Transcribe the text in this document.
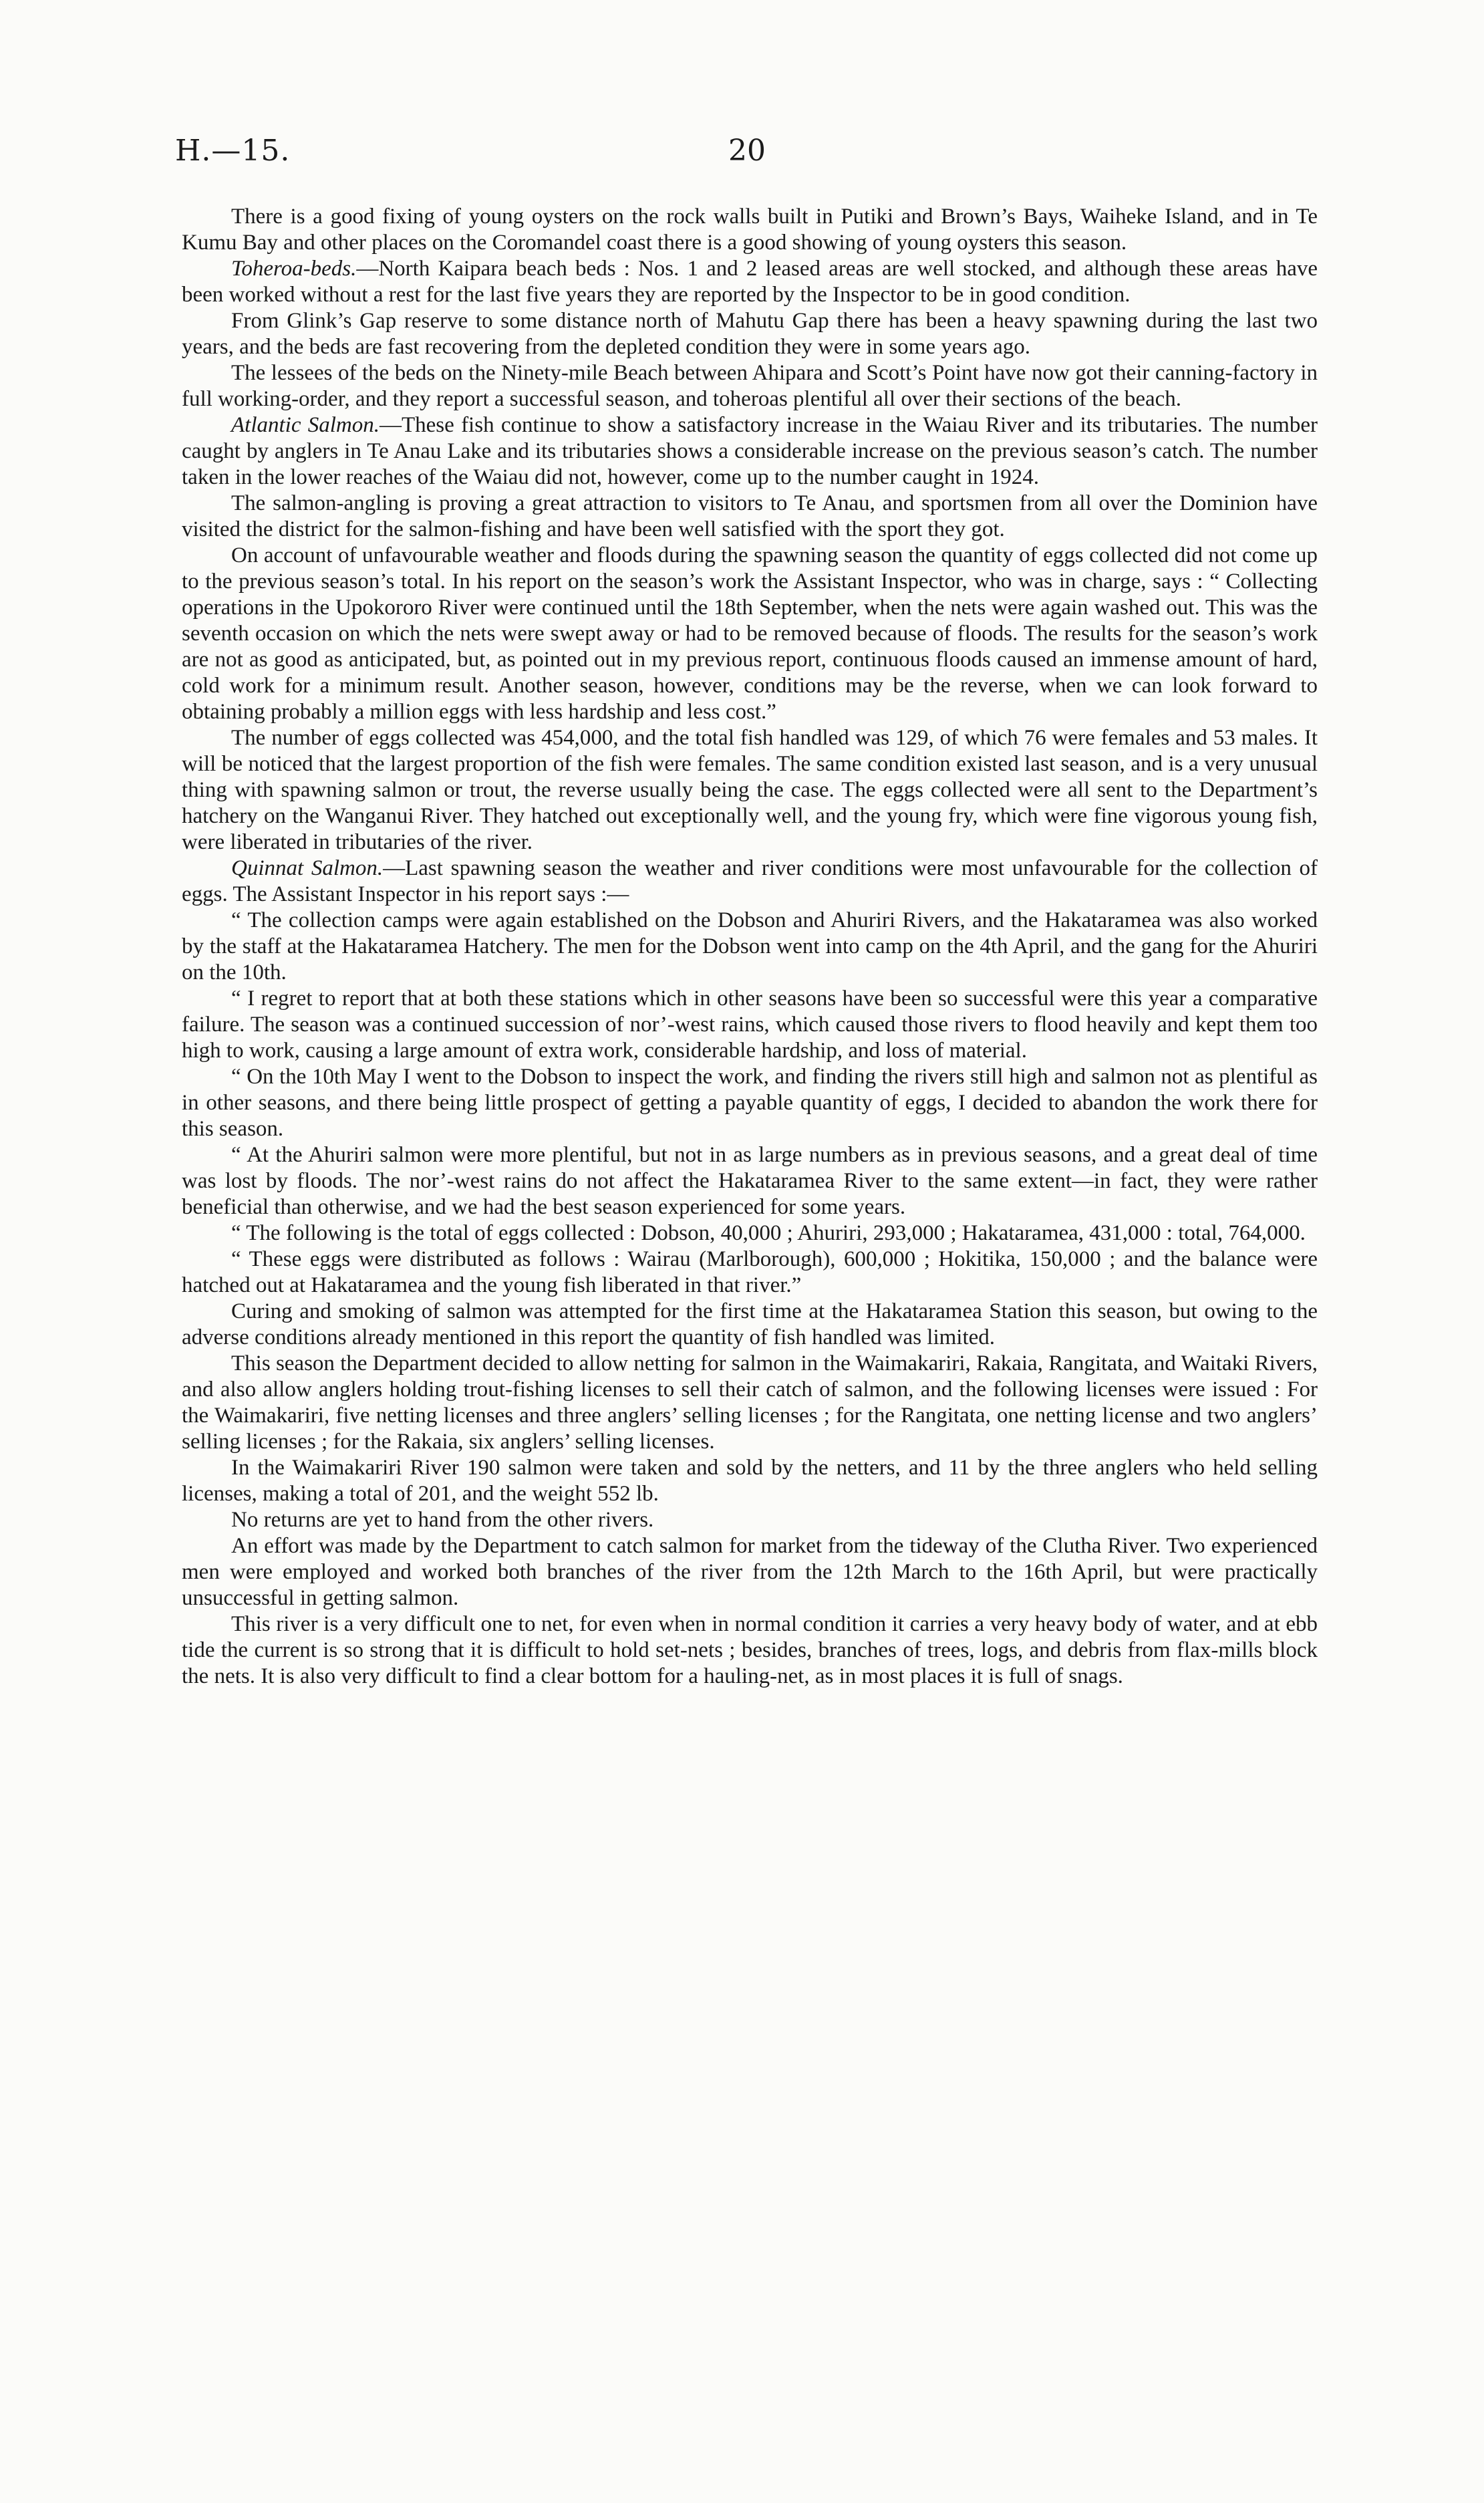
H.—15.	20

There is a good fixing of young oysters on the rock walls built in Putiki and Brown’s Bays, Waiheke Island, and in Te Kumu Bay and other places on the Coromandel coast there is a good showing of young oysters this season.

Toheroa-beds.—North Kaipara beach beds : Nos. 1 and 2 leased areas are well stocked, and although these areas have been worked without a rest for the last five years they are reported by the Inspector to be in good condition.

From Glink’s Gap reserve to some distance north of Mahutu Gap there has been a heavy spawning during the last two years, and the beds are fast recovering from the depleted condition they were in some years ago.

The lessees of the beds on the Ninety-mile Beach between Ahipara and Scott’s Point have now got their canning-factory in full working-order, and they report a successful season, and toheroas plentiful all over their sections of the beach.

Atlantic Salmon.—These fish continue to show a satisfactory increase in the Waiau River and its tributaries. The number caught by anglers in Te Anau Lake and its tributaries shows a considerable increase on the previous season’s catch. The number taken in the lower reaches of the Waiau did not, however, come up to the number caught in 1924.

The salmon-angling is proving a great attraction to visitors to Te Anau, and sportsmen from all over the Dominion have visited the district for the salmon-fishing and have been well satisfied with the sport they got.

On account of unfavourable weather and floods during the spawning season the quantity of eggs collected did not come up to the previous season’s total. In his report on the season’s work the Assistant Inspector, who was in charge, says : “ Collecting operations in the Upokororo River were continued until the 18th September, when the nets were again washed out. This was the seventh occasion on which the nets were swept away or had to be removed because of floods. The results for the season’s work are not as good as anticipated, but, as pointed out in my previous report, continuous floods caused an immense amount of hard, cold work for a minimum result. Another season, however, conditions may be the reverse, when we can look forward to obtaining probably a million eggs with less hardship and less cost.”

The number of eggs collected was 454,000, and the total fish handled was 129, of which 76 were females and 53 males. It will be noticed that the largest proportion of the fish were females. The same condition existed last season, and is a very unusual thing with spawning salmon or trout, the reverse usually being the case. The eggs collected were all sent to the Department’s hatchery on the Wanganui River. They hatched out exceptionally well, and the young fry, which were fine vigorous young fish, were liberated in tributaries of the river.

Quinnat Salmon.—Last spawning season the weather and river conditions were most unfavourable for the collection of eggs. The Assistant Inspector in his report says :—

“ The collection camps were again established on the Dobson and Ahuriri Rivers, and the Hakataramea was also worked by the staff at the Hakataramea Hatchery. The men for the Dobson went into camp on the 4th April, and the gang for the Ahuriri on the 10th.

“ I regret to report that at both these stations which in other seasons have been so successful were this year a comparative failure. The season was a continued succession of nor’-west rains, which caused those rivers to flood heavily and kept them too high to work, causing a large amount of extra work, considerable hardship, and loss of material.

“ On the 10th May I went to the Dobson to inspect the work, and finding the rivers still high and salmon not as plentiful as in other seasons, and there being little prospect of getting a payable quantity of eggs, I decided to abandon the work there for this season.

“ At the Ahuriri salmon were more plentiful, but not in as large numbers as in previous seasons, and a great deal of time was lost by floods. The nor’-west rains do not affect the Hakataramea River to the same extent—in fact, they were rather beneficial than otherwise, and we had the best season experienced for some years.

“ The following is the total of eggs collected : Dobson, 40,000 ; Ahuriri, 293,000 ; Hakataramea, 431,000 : total, 764,000.

“ These eggs were distributed as follows : Wairau (Marlborough), 600,000 ; Hokitika, 150,000 ; and the balance were hatched out at Hakataramea and the young fish liberated in that river.”

Curing and smoking of salmon was attempted for the first time at the Hakataramea Station this season, but owing to the adverse conditions already mentioned in this report the quantity of fish handled was limited.

This season the Department decided to allow netting for salmon in the Waimakariri, Rakaia, Rangitata, and Waitaki Rivers, and also allow anglers holding trout-fishing licenses to sell their catch of salmon, and the following licenses were issued : For the Waimakariri, five netting licenses and three anglers’ selling licenses ; for the Rangitata, one netting license and two anglers’ selling licenses ; for the Rakaia, six anglers’ selling licenses.

In the Waimakariri River 190 salmon were taken and sold by the netters, and 11 by the three anglers who held selling licenses, making a total of 201, and the weight 552 lb.

No returns are yet to hand from the other rivers.

An effort was made by the Department to catch salmon for market from the tideway of the Clutha River. Two experienced men were employed and worked both branches of the river from the 12th March to the 16th April, but were practically unsuccessful in getting salmon.

This river is a very difficult one to net, for even when in normal condition it carries a very heavy body of water, and at ebb tide the current is so strong that it is difficult to hold set-nets ; besides, branches of trees, logs, and debris from flax-mills block the nets. It is also very difficult to find a clear bottom for a hauling-net, as in most places it is full of snags.
